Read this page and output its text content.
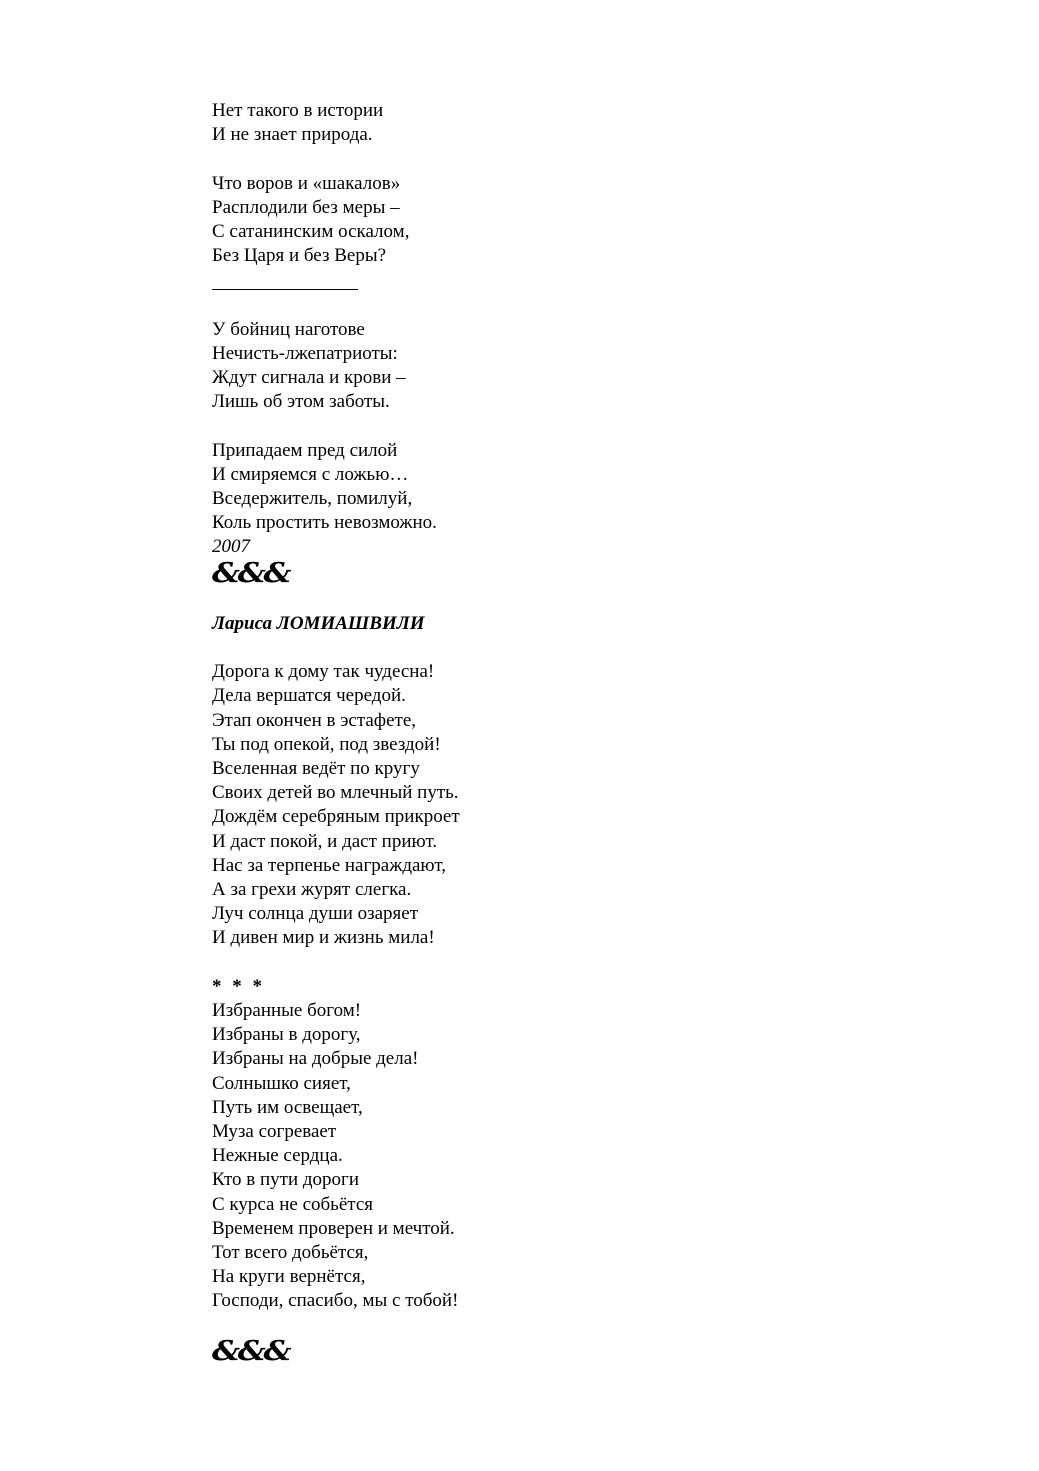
Нет такого в истории
И не знает природа.
Что воров и «шакалов»
Расплодили без меры –
С сатанинским оскалом,
Без Царя и без Веры?
У бойниц наготове
Нечисть-лжепатриоты:
Ждут сигнала и крови –
Лишь об этом заботы.
Припадаем пред силой
И смиряемся с ложью…
Вседержитель, помилуй,
Коль простить невозможно.
2007
&&&
Лариса ЛОМИАШВИЛИ
Дорога к дому так чудесна!
Дела вершатся чередой.
Этап окончен в эстафете,
Ты под опекой, под звездой!
Вселенная ведёт по кругу
Своих детей во млечный путь.
Дождём серебряным прикроет
И даст покой, и даст приют.
Нас за терпенье награждают,
А за грехи журят слегка.
Луч солнца души озаряет
И дивен мир и жизнь мила!
* * *
Избранные богом!
Избраны в дорогу,
Избраны на добрые дела!
Солнышко сияет,
Путь им освещает,
Муза согревает
Нежные сердца.
Кто в пути дороги
С курса не собьётся
Временем проверен и мечтой.
Тот всего добьётся,
На круги вернётся,
Господи, спасибо, мы с тобой!
&&&
